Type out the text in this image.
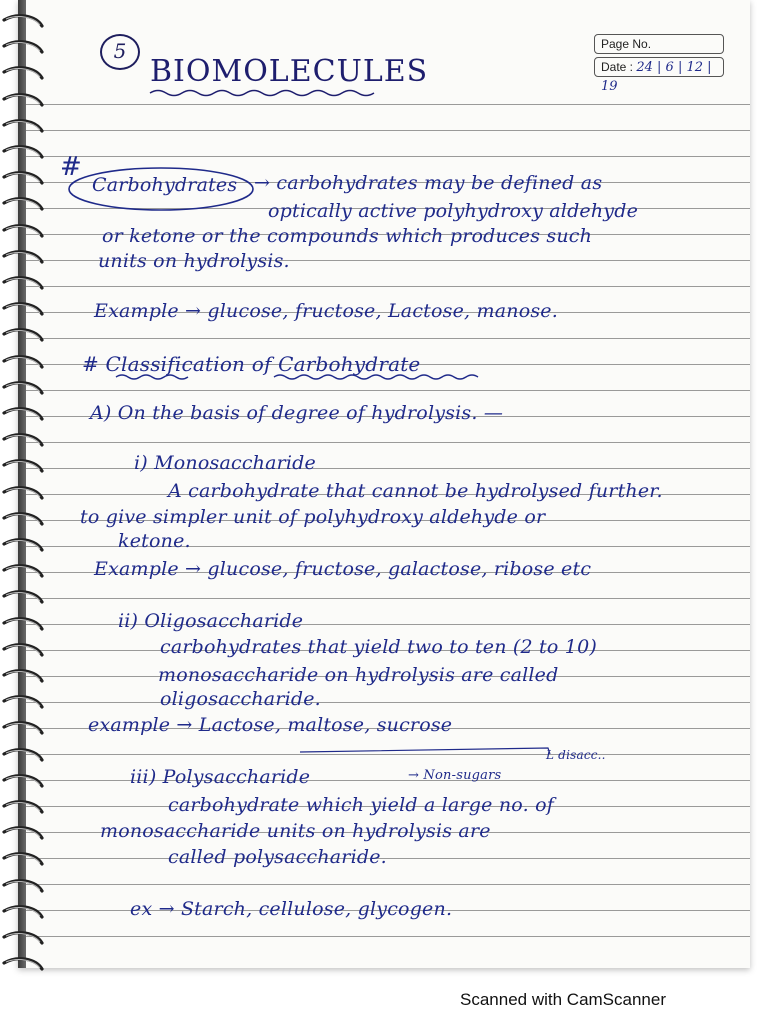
5
BIOMOLECULES
Page No.
Date : 24 | 6 | 12 | 19
#
Carbohydrates → carbohydrates may be defined as
optically active polyhydroxy aldehyde
or ketone or the compounds which produces such
units on hydrolysis.
Example → glucose, fructose, Lactose, manose.
# Classification of Carbohydrate
A) On the basis of degree of hydrolysis. —
i) Monosaccharide
A carbohydrate that cannot be hydrolysed further.
to give simpler unit of polyhydroxy aldehyde or
ketone.
Example → glucose, fructose, galactose, ribose etc
ii) Oligosaccharide
carbohydrates that yield two to ten (2 to 10)
monosaccharide on hydrolysis are called
oligosaccharide.
example → Lactose, maltose, sucrose
L disacc..
iii) Polysaccharide	→ Non-sugars
carbohydrate which yield a large no. of
monosaccharide units on hydrolysis are
called polysaccharide.
ex → Starch, cellulose, glycogen.
Scanned with CamScanner
